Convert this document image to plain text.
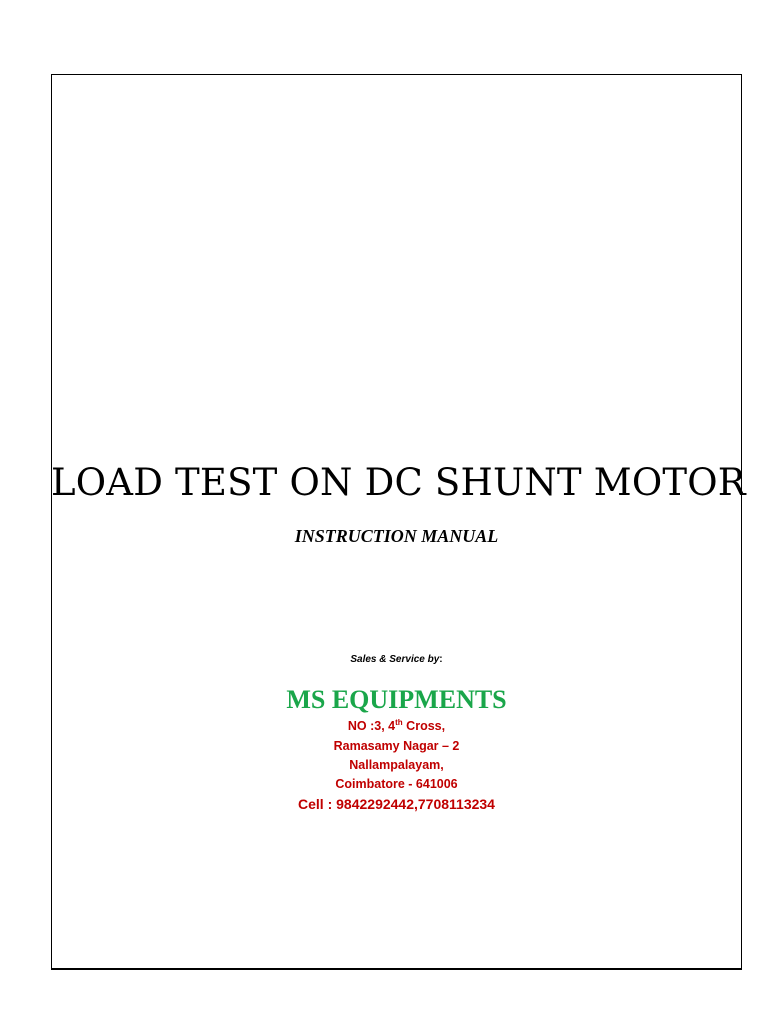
LOAD TEST ON DC SHUNT MOTOR
INSTRUCTION MANUAL
Sales & Service by:
MS EQUIPMENTS
NO :3, 4th Cross,
Ramasamy Nagar – 2
Nallampalayam,
Coimbatore - 641006
Cell : 9842292442,7708113234
